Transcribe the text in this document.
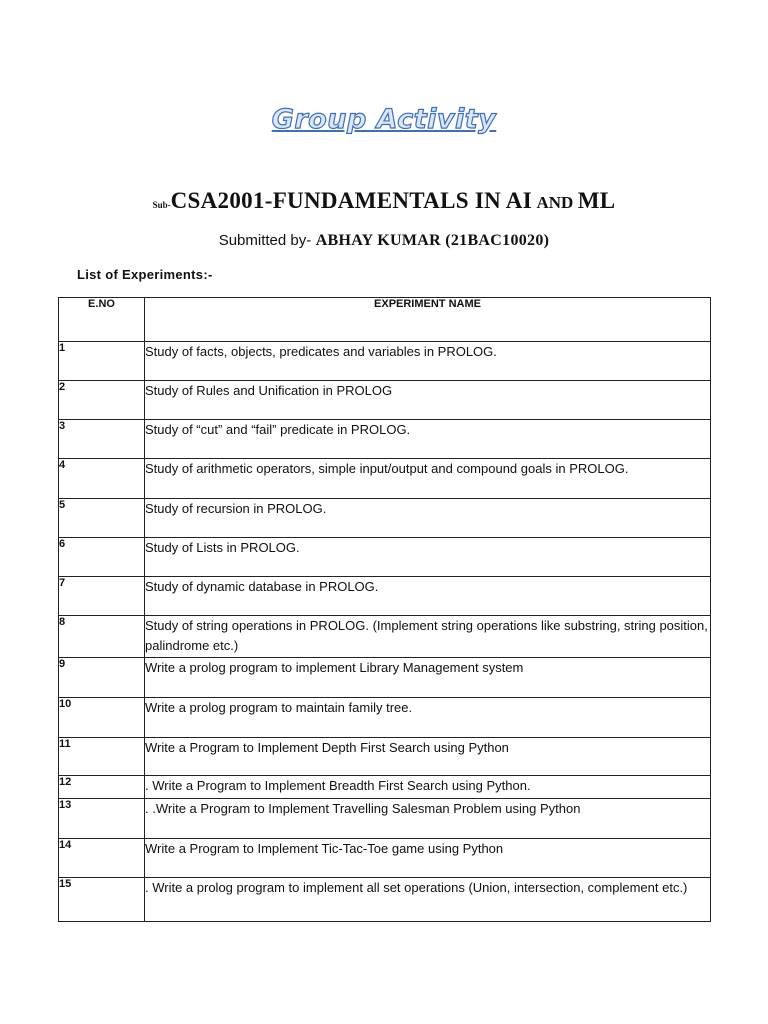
Group Activity
Sub-CSA2001-FUNDAMENTALS IN AI AND ML
Submitted by- ABHAY KUMAR (21BAC10020)
List of Experiments:-
E.NO	EXPERIMENT NAME
1	Study of facts, objects, predicates and variables in PROLOG.
2	Study of Rules and Unification in PROLOG
3	Study of “cut” and “fail” predicate in PROLOG.
4	Study of arithmetic operators, simple input/output and compound goals in PROLOG.
5	Study of recursion in PROLOG.
6	Study of Lists in PROLOG.
7	Study of dynamic database in PROLOG.
8	Study of string operations in PROLOG. (Implement string operations like substring, string position, palindrome etc.)
9	Write a prolog program to implement Library Management system
10	Write a prolog program to maintain family tree.
11	Write a Program to Implement Depth First Search using Python
12	. Write a Program to Implement Breadth First Search using Python.
13	. .Write a Program to Implement Travelling Salesman Problem using Python
14	Write a Program to Implement Tic-Tac-Toe game using Python
15	. Write a prolog program to implement all set operations (Union, intersection, complement etc.)
